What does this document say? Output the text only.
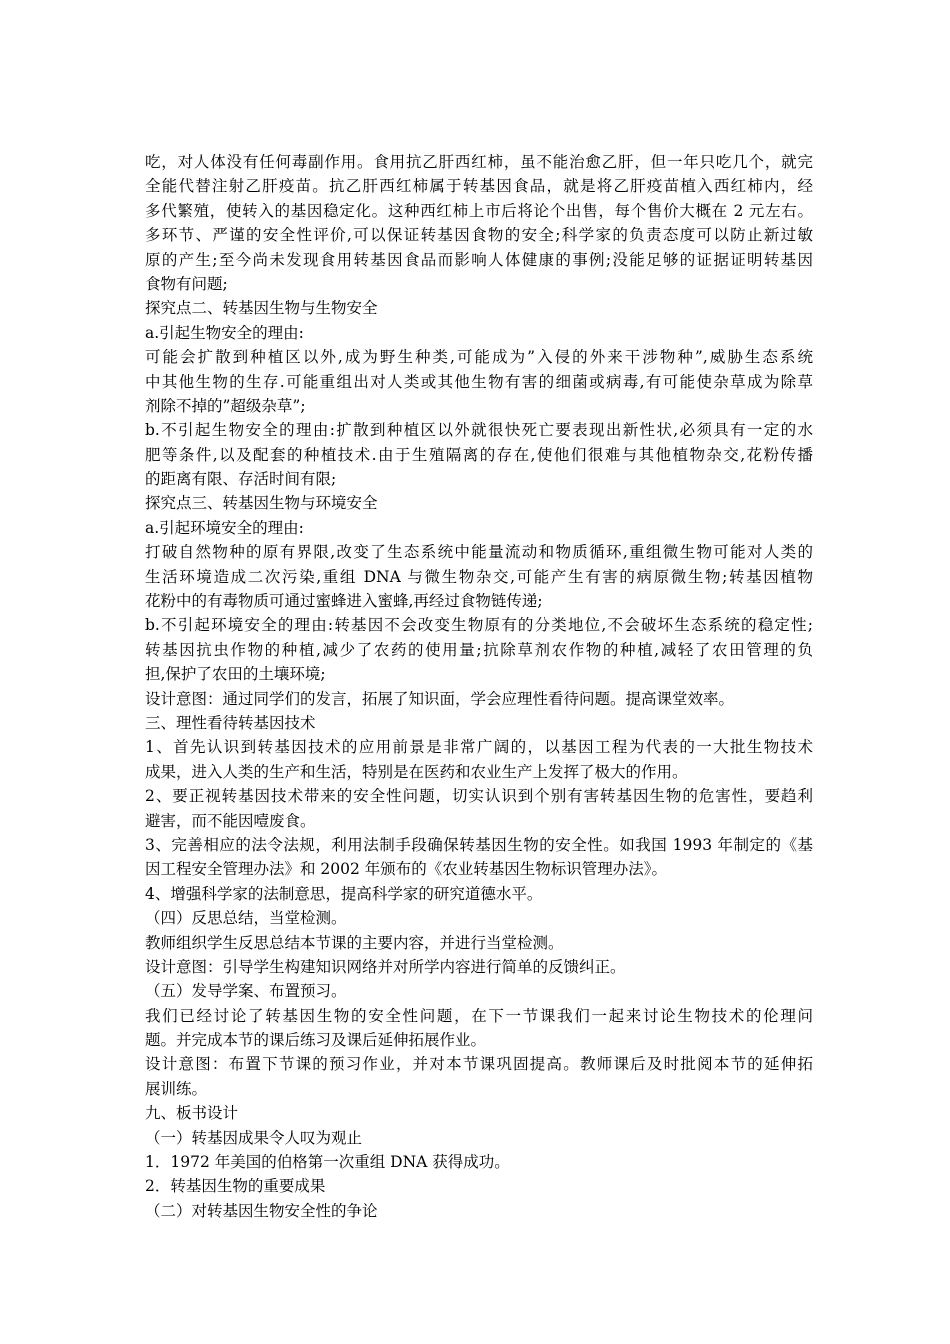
吃，对人体没有任何毒副作用。食用抗乙肝西红柿，虽不能治愈乙肝，但一年只吃几个，就完
全能代替注射乙肝疫苗。抗乙肝西红柿属于转基因食品，就是将乙肝疫苗植入西红柿内，经
多代繁殖，使转入的基因稳定化。这种西红柿上市后将论个出售，每个售价大概在 2 元左右。
多环节、严谨的安全性评价,可以保证转基因食物的安全;科学家的负责态度可以防止新过敏
原的产生;至今尚未发现食用转基因食品而影响人体健康的事例;没能足够的证据证明转基因
食物有问题;
探究点二、转基因生物与生物安全
a.引起生物安全的理由:
可能会扩散到种植区以外,成为野生种类,可能成为”入侵的外来干涉物种”,威胁生态系统
中其他生物的生存.可能重组出对人类或其他生物有害的细菌或病毒,有可能使杂草成为除草
剂除不掉的”超级杂草”;
b.不引起生物安全的理由:扩散到种植区以外就很快死亡要表现出新性状,必须具有一定的水
肥等条件,以及配套的种植技术.由于生殖隔离的存在,使他们很难与其他植物杂交,花粉传播
的距离有限、存活时间有限;
探究点三、转基因生物与环境安全
a.引起环境安全的理由:
打破自然物种的原有界限,改变了生态系统中能量流动和物质循环,重组微生物可能对人类的
生活环境造成二次污染,重组 DNA 与微生物杂交,可能产生有害的病原微生物;转基因植物
花粉中的有毒物质可通过蜜蜂进入蜜蜂,再经过食物链传递;
b.不引起环境安全的理由:转基因不会改变生物原有的分类地位,不会破坏生态系统的稳定性;
转基因抗虫作物的种植,减少了农药的使用量;抗除草剂农作物的种植,减轻了农田管理的负
担,保护了农田的土壤环境;
设计意图：通过同学们的发言，拓展了知识面，学会应理性看待问题。提高课堂效率。
三、理性看待转基因技术
1、首先认识到转基因技术的应用前景是非常广阔的，以基因工程为代表的一大批生物技术
成果，进入人类的生产和生活，特别是在医药和农业生产上发挥了极大的作用。
2、要正视转基因技术带来的安全性问题，切实认识到个别有害转基因生物的危害性，要趋利
避害，而不能因噎废食。
3、完善相应的法令法规，利用法制手段确保转基因生物的安全性。如我国 1993 年制定的《基
因工程安全管理办法》和 2002 年颁布的《农业转基因生物标识管理办法》。
4、增强科学家的法制意思，提高科学家的研究道德水平。
（四）反思总结，当堂检测。
教师组织学生反思总结本节课的主要内容，并进行当堂检测。
设计意图：引导学生构建知识网络并对所学内容进行简单的反馈纠正。
（五）发导学案、布置预习。
我们已经讨论了转基因生物的安全性问题，在下一节课我们一起来讨论生物技术的伦理问
题。并完成本节的课后练习及课后延伸拓展作业。
设计意图：布置下节课的预习作业，并对本节课巩固提高。教师课后及时批阅本节的延伸拓
展训练。
九、板书设计
（一）转基因成果令人叹为观止
1．1972 年美国的伯格第一次重组 DNA 获得成功。
2．转基因生物的重要成果
（二）对转基因生物安全性的争论
